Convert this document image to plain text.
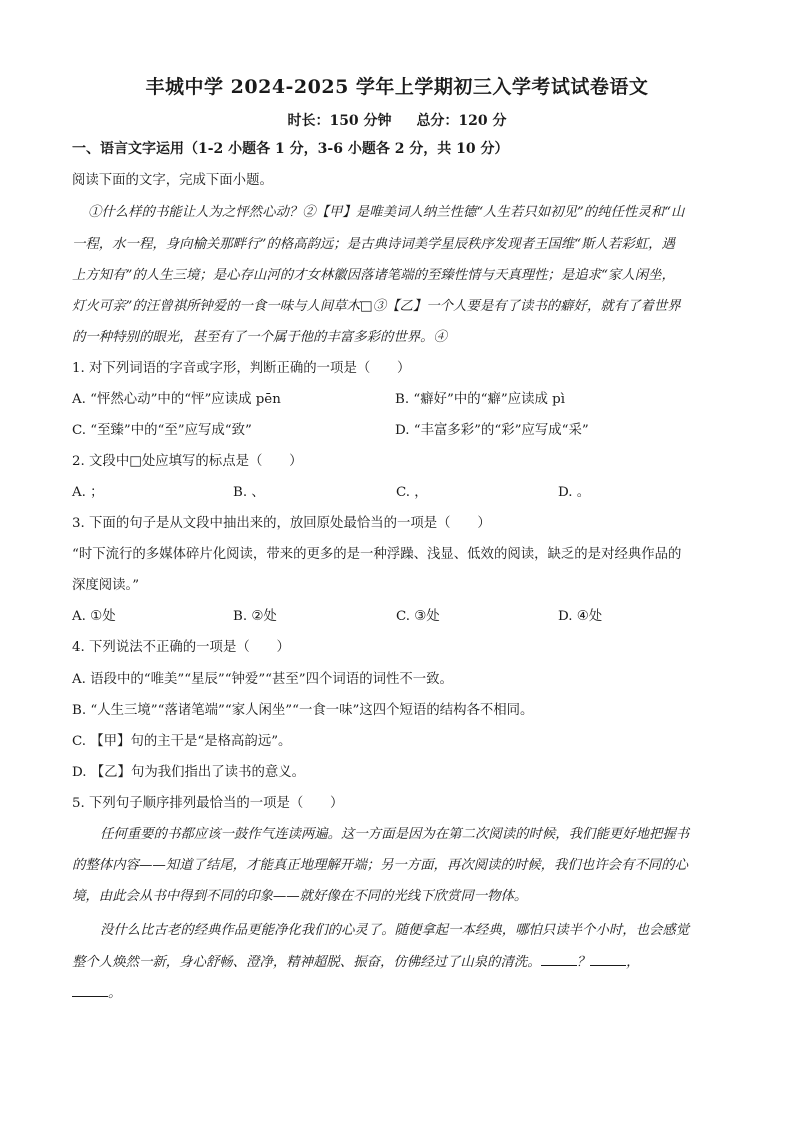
丰城中学 2024-2025 学年上学期初三入学考试试卷语文
时长：150 分钟 总分：120 分
一、语言文字运用（1-2 小题各 1 分，3-6 小题各 2 分，共 10 分）
阅读下面的文字，完成下面小题。
①什么样的书能让人为之怦然心动？②【甲】是唯美词人纳兰性德“人生若只如初见”的纯任性灵和“山
一程，水一程，身向榆关那畔行”的格高韵远；是古典诗词美学星辰秩序发现者王国维“斯人若彩虹，遇
上方知有”的人生三境；是心存山河的才女林徽因落诸笔端的至臻性情与天真理性；是追求“家人闲坐，
灯火可亲”的汪曾祺所钟爱的一食一味与人间草木□③【乙】一个人要是有了读书的癖好，就有了着世界
的一种特别的眼光，甚至有了一个属于他的丰富多彩的世界。④
1. 对下列词语的字音或字形，判断正确的一项是（　　）
A. “怦然心动”中的“怦”应读成 pēn	B. “癖好”中的“癖”应读成 pì
C. “至臻”中的“至”应写成“致”	D. “丰富多彩”的“彩”应写成“采”
2. 文段中□处应填写的标点是（　　）
A. ；	B. 、	C. ，	D. 。
3. 下面的句子是从文段中抽出来的，放回原处最恰当的一项是（　　）
“时下流行的多媒体碎片化阅读，带来的更多的是一种浮躁、浅显、低效的阅读，缺乏的是对经典作品的
深度阅读。”
A. ①处	B. ②处	C. ③处	D. ④处
4. 下列说法不正确的一项是（　　）
A. 语段中的“唯美”“星辰”“钟爱”“甚至”四个词语的词性不一致。
B. “人生三境”“落诸笔端”“家人闲坐”“一食一味”这四个短语的结构各不相同。
C. 【甲】句的主干是“是格高韵远”。
D. 【乙】句为我们指出了读书的意义。
5. 下列句子顺序排列最恰当的一项是（　　）
任何重要的书都应该一鼓作气连读两遍。这一方面是因为在第二次阅读的时候，我们能更好地把握书
的整体内容——知道了结尾，才能真正地理解开端；另一方面，再次阅读的时候，我们也许会有不同的心
境，由此会从书中得到不同的印象——就好像在不同的光线下欣赏同一物体。
没什么比古老的经典作品更能净化我们的心灵了。随便拿起一本经典，哪怕只读半个小时，也会感觉
整个人焕然一新，身心舒畅、澄净，精神超脱、振奋，仿佛经过了山泉的清洗。	？	，
。
